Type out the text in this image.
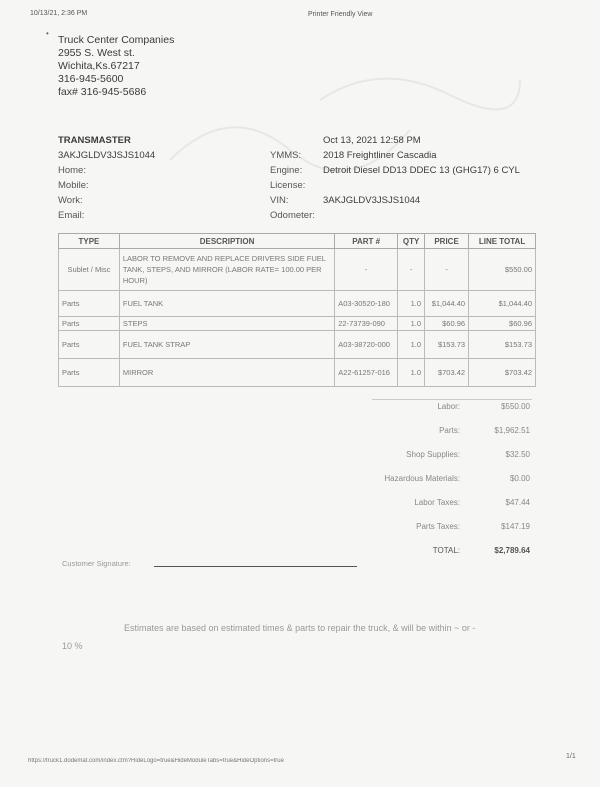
10/13/21, 2:36 PM	Printer Friendly View
•
Truck Center Companies
2955 S. West st.
Wichita,Ks.67217
316-945-5600
fax# 316-945-5686
TRANSMASTER
3AKJGLDV3JSJS1044
Home:
Mobile:
Work:
Email:
Oct 13, 2021 12:58 PM
YMMS: 2018 Freightliner Cascadia
Engine: Detroit Diesel DD13 DDEC 13 (GHG17) 6 CYL
License:
VIN:	3AKJGLDV3JSJS1044
Odometer:
TYPE	DESCRIPTION	PART #	QTY	PRICE	LINE TOTAL
Sublet / Misc	LABOR TO REMOVE AND REPLACE DRIVERS SIDE FUEL TANK, STEPS, AND MIRROR (LABOR RATE= 100.00 PER HOUR)	-	-	-	$550.00
Parts	FUEL TANK	A03-30520-180	1.0	$1,044.40	$1,044.40
Parts	STEPS	22-73739-090	1.0	$60.96	$60.96
Parts	FUEL TANK STRAP	A03-38720-000	1.0	$153.73	$153.73
Parts	MIRROR	A22-61257-016	1.0	$703.42	$703.42
Labor:	$550.00
Parts:	$1,962.51
Shop Supplies:	$32.50
Hazardous Materials:	$0.00
Labor Taxes:	$47.44
Parts Taxes:	$147.19
TOTAL:	$2,789.64
Customer Signature:
Estimates are based on estimated times & parts to repair the truck, & will be within ~ or -
10 %
https://truck1.dodemat.com/index.cfm?HideLogo=true&HideModuleTabs=true&HideOptions=true
1/1
